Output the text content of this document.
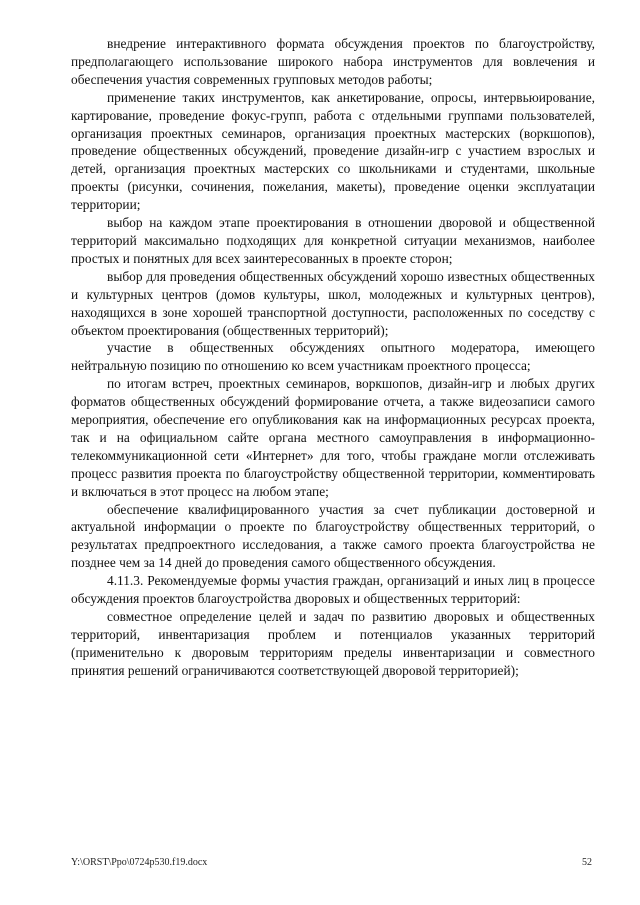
внедрение интерактивного формата обсуждения проектов по благоустройству, предполагающего использование широкого набора инструментов для вовлечения и обеспечения участия современных групповых методов работы;

применение таких инструментов, как анкетирование, опросы, интервьюирование, картирование, проведение фокус-групп, работа с отдельными группами пользователей, организация проектных семинаров, организация проектных мастерских (воркшопов), проведение общественных обсуждений, проведение дизайн-игр с участием взрослых и детей, организация проектных мастерских со школьниками и студентами, школьные проекты (рисунки, сочинения, пожелания, макеты), проведение оценки эксплуатации территории;

выбор на каждом этапе проектирования в отношении дворовой и общественной территорий максимально подходящих для конкретной ситуации механизмов, наиболее простых и понятных для всех заинтересованных в проекте сторон;

выбор для проведения общественных обсуждений хорошо известных общественных и культурных центров (домов культуры, школ, молодежных и культурных центров), находящихся в зоне хорошей транспортной доступности, расположенных по соседству с объектом проектирования (общественных территорий);

участие в общественных обсуждениях опытного модератора, имеющего нейтральную позицию по отношению ко всем участникам проектного процесса;

по итогам встреч, проектных семинаров, воркшопов, дизайн-игр и любых других форматов общественных обсуждений формирование отчета, а также видеозаписи самого мероприятия, обеспечение его опубликования как на информационных ресурсах проекта, так и на официальном сайте органа местного самоуправления в информационно-телекоммуникационной сети «Интернет» для того, чтобы граждане могли отслеживать процесс развития проекта по благоустройству общественной территории, комментировать и включаться в этот процесс на любом этапе;

обеспечение квалифицированного участия за счет публикации достоверной и актуальной информации о проекте по благоустройству общественных территорий, о результатах предпроектного исследования, а также самого проекта благоустройства не позднее чем за 14 дней до проведения самого общественного обсуждения.

4.11.3. Рекомендуемые формы участия граждан, организаций и иных лиц в процессе обсуждения проектов благоустройства дворовых и общественных территорий:

совместное определение целей и задач по развитию дворовых и общественных территорий, инвентаризация проблем и потенциалов указанных территорий (применительно к дворовым территориям пределы инвентаризации и совместного принятия решений ограничиваются соответствующей дворовой территорией);

Y:\ORST\Ppo\0724p530.f19.docx	52
